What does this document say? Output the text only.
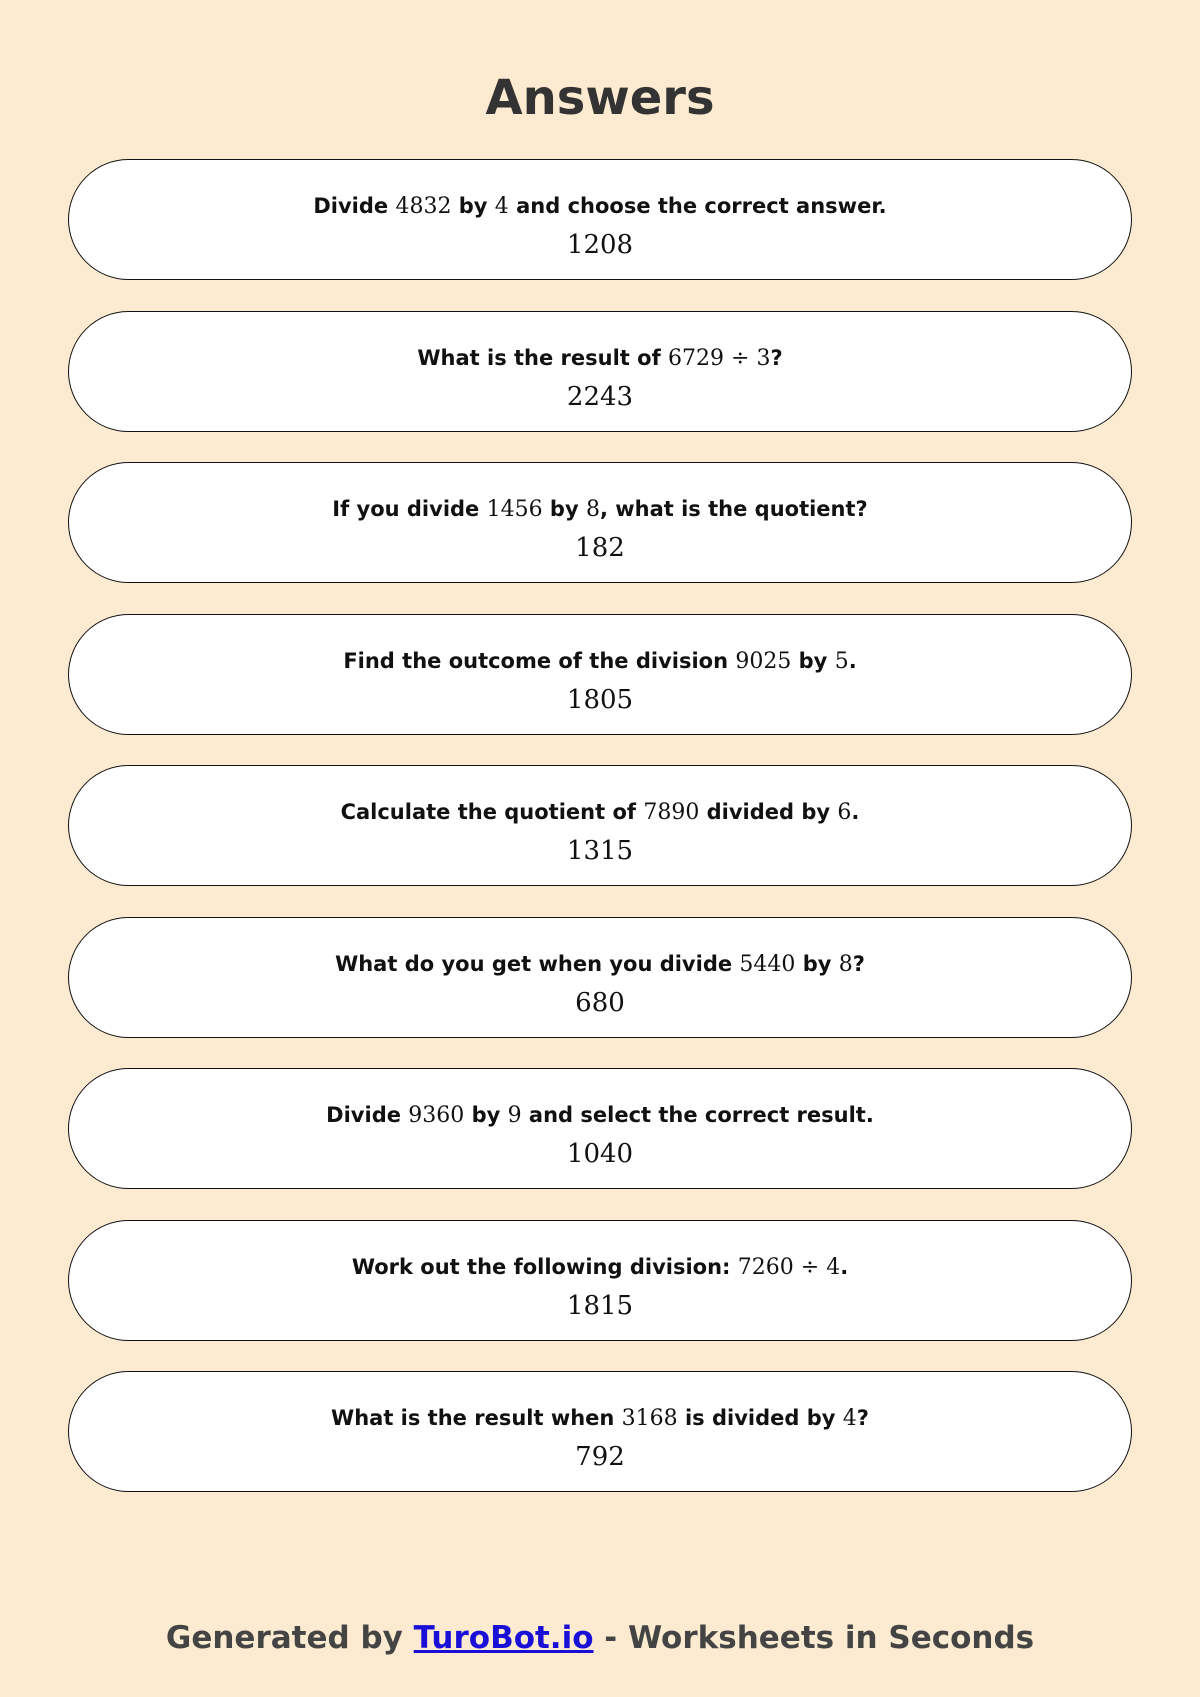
Answers
Divide 4832 by 4 and choose the correct answer.
1208
What is the result of 6729 ÷ 3?
2243
If you divide 1456 by 8, what is the quotient?
182
Find the outcome of the division 9025 by 5.
1805
Calculate the quotient of 7890 divided by 6.
1315
What do you get when you divide 5440 by 8?
680
Divide 9360 by 9 and select the correct result.
1040
Work out the following division: 7260 ÷ 4.
1815
What is the result when 3168 is divided by 4?
792
Generated by TuroBot.io - Worksheets in Seconds
